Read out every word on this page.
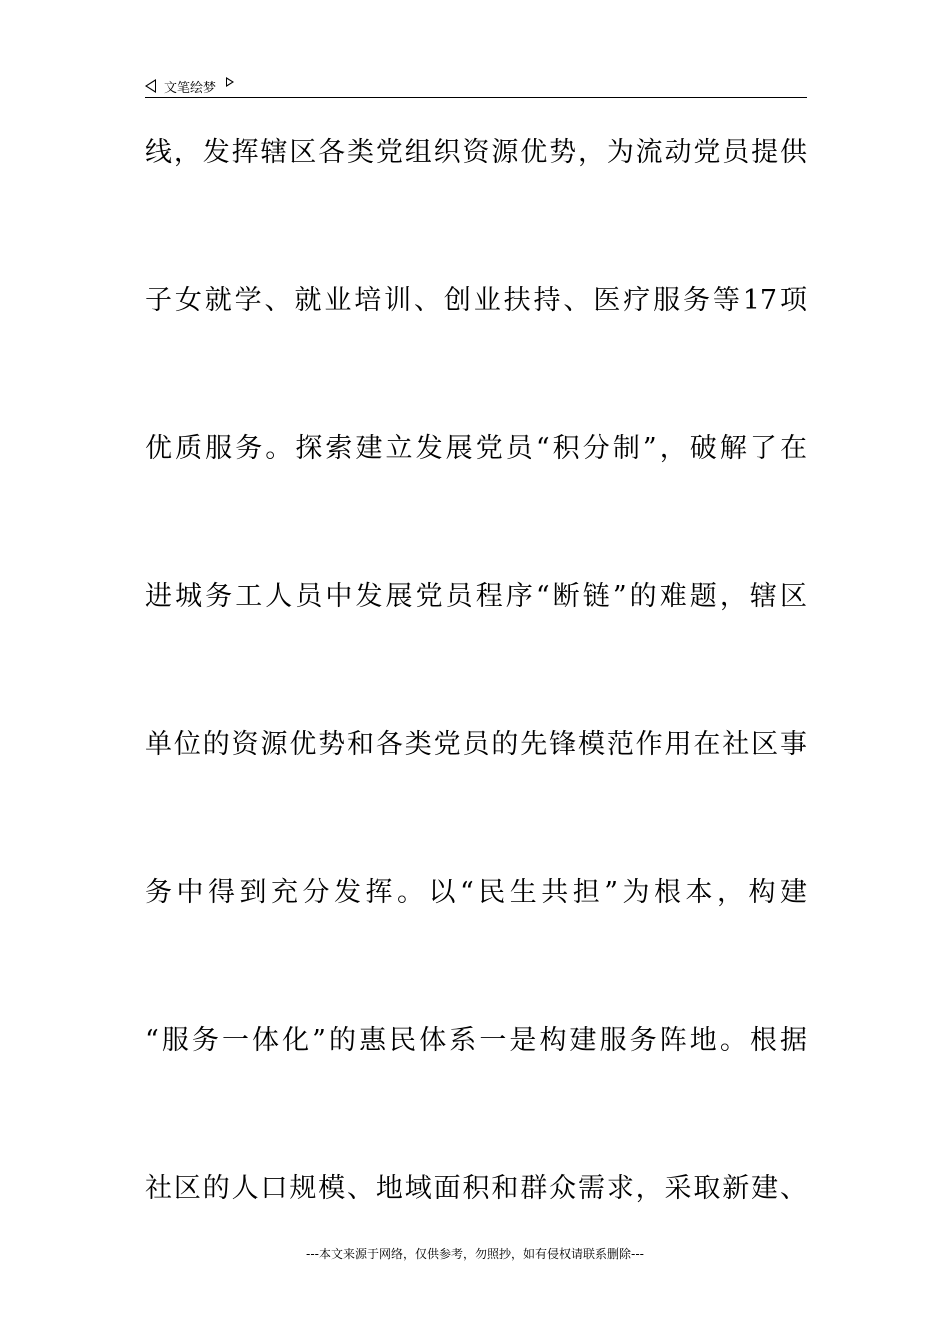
文笔绘梦
线，发挥辖区各类党组织资源优势，为流动党员提供
子女就学、就业培训、创业扶持、医疗服务等17项
优质服务。探索建立发展党员“积分制”，破解了在
进城务工人员中发展党员程序“断链”的难题，辖区
单位的资源优势和各类党员的先锋模范作用在社区事
务中得到充分发挥。以“民生共担”为根本，构建
“服务一体化”的惠民体系一是构建服务阵地。根据
社区的人口规模、地域面积和群众需求，采取新建、
---本文来源于网络，仅供参考，勿照抄，如有侵权请联系删除---
